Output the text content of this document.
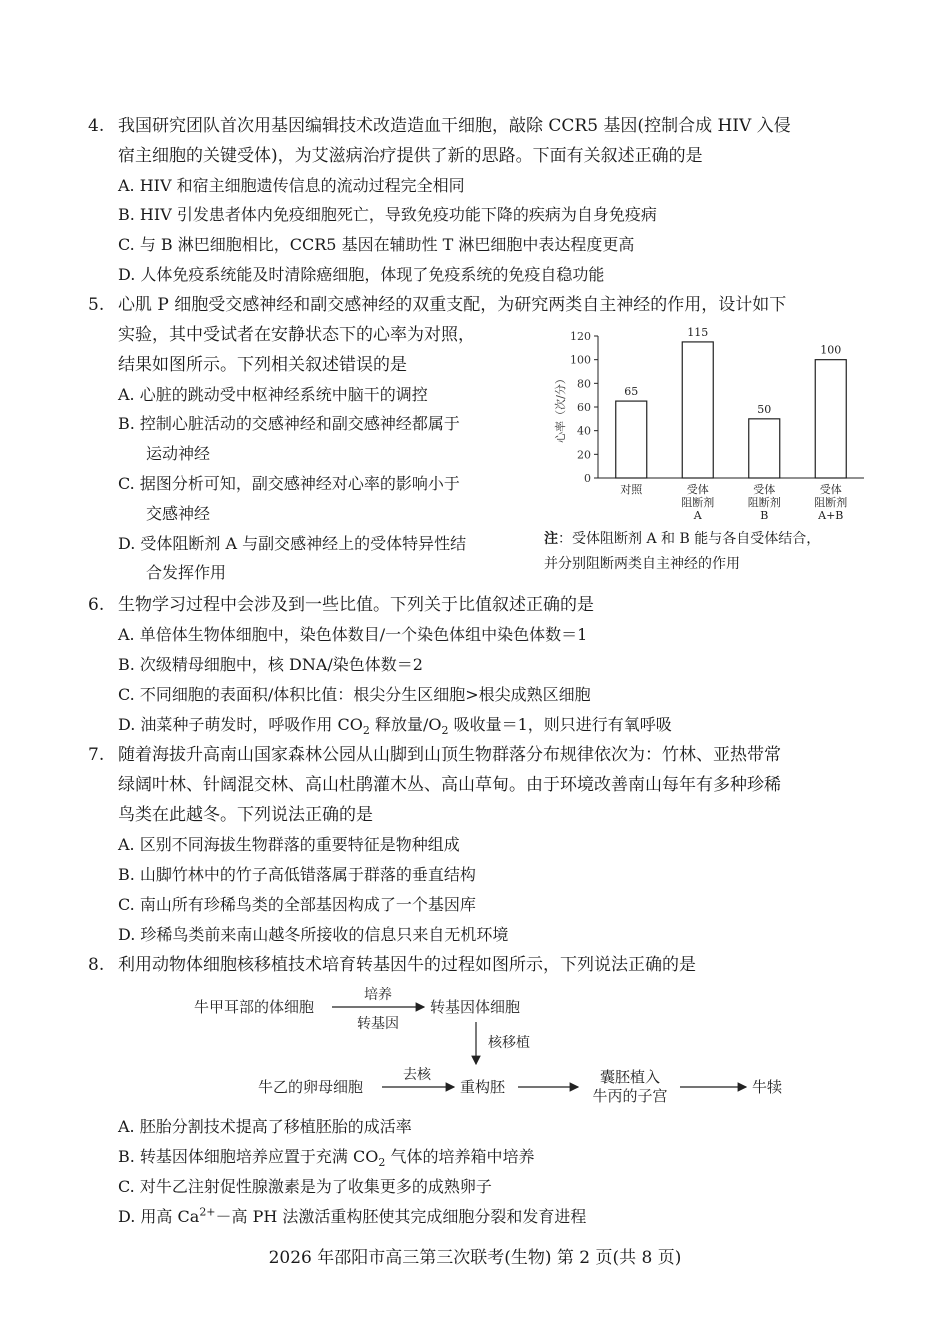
4. 我国研究团队首次用基因编辑技术改造造血干细胞，敲除 CCR5 基因(控制合成 HIV 入侵
宿主细胞的关键受体)，为艾滋病治疗提供了新的思路。下面有关叙述正确的是
A. HIV 和宿主细胞遗传信息的流动过程完全相同
B. HIV 引发患者体内免疫细胞死亡，导致免疫功能下降的疾病为自身免疫病
C. 与 B 淋巴细胞相比，CCR5 基因在辅助性 T 淋巴细胞中表达程度更高
D. 人体免疫系统能及时清除癌细胞，体现了免疫系统的免疫自稳功能
5. 心肌 P 细胞受交感神经和副交感神经的双重支配，为研究两类自主神经的作用，设计如下
实验，其中受试者在安静状态下的心率为对照，
结果如图所示。下列相关叙述错误的是
A. 心脏的跳动受中枢神经系统中脑干的调控
B. 控制心脏活动的交感神经和副交感神经都属于
运动神经
C. 据图分析可知，副交感神经对心率的影响小于
交感神经
D. 受体阻断剂 A 与副交感神经上的受体特异性结
合发挥作用
心率（次/分）
0
20
40
60
80
100
120
65
对照
115
受体
阻断剂
A
50
受体
阻断剂
B
100
受体
阻断剂
A+B
注：受体阻断剂 A 和 B 能与各自受体结合，
并分别阻断两类自主神经的作用
6. 生物学习过程中会涉及到一些比值。下列关于比值叙述正确的是
A. 单倍体生物体细胞中，染色体数目/一个染色体组中染色体数＝1
B. 次级精母细胞中，核 DNA/染色体数＝2
C. 不同细胞的表面积/体积比值：根尖分生区细胞>根尖成熟区细胞
D. 油菜种子萌发时，呼吸作用 $CO_2$ 释放量$/O_2$ 吸收量＝1，则只进行有氧呼吸
7. 随着海拔升高南山国家森林公园从山脚到山顶生物群落分布规律依次为：竹林、亚热带常
绿阔叶林、针阔混交林、高山杜鹃灌木丛、高山草甸。由于环境改善南山每年有多种珍稀
鸟类在此越冬。下列说法正确的是
A. 区别不同海拔生物群落的重要特征是物种组成
B. 山脚竹林中的竹子高低错落属于群落的垂直结构
C. 南山所有珍稀鸟类的全部基因构成了一个基因库
D. 珍稀鸟类前来南山越冬所接收的信息只来自无机环境
8. 利用动物体细胞核移植技术培育转基因牛的过程如图所示，下列说法正确的是
牛甲耳部的体细胞
培养
转基因
转基因体细胞
核移植
牛乙的卵母细胞
去核
重构胚
囊胚植入
牛丙的子宫	牛犊
A. 胚胎分割技术提高了移植胚胎的成活率
B. 转基因体细胞培养应置于充满 $CO_2$ 气体的培养箱中培养
C. 对牛乙注射促性腺激素是为了收集更多的成熟卵子
D. 用高 $Ca^{2+}-$高 PH 法激活重构胚使其完成细胞分裂和发育进程
2026 年邵阳市高三第三次联考(生物) 第 2 页(共 8 页)
